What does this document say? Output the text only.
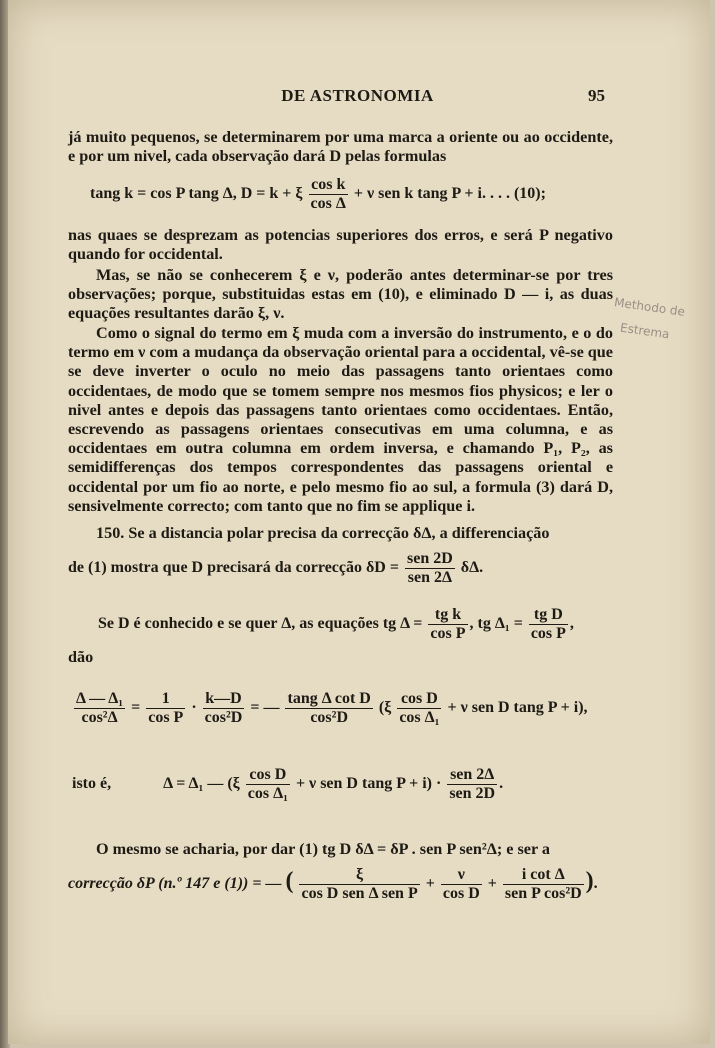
DE ASTRONOMIA	95
já muito pequenos, se determinarem por uma marca a oriente ou ao occidente, e por um nivel, cada observação dará D pelas formulas
tang k = cos P tang Δ, D = k + ξ $\frac{\text{cos k}}{\text{cos Δ}} + \nu$ sen k tang P + i. . . . (10);
nas quaes se desprezam as potencias superiores dos erros, e será P negativo quando for occidental.
Mas, se não se conhecerem ξ e ν, poderão antes determinar-se por tres observações; porque, substituidas estas em (10), e eliminado D — i, as duas equações resultantes darão ξ, ν.
Como o signal do termo em ξ muda com a inversão do instrumento, e o do termo em ν com a mudança da observação oriental para a occidental, vê-se que se deve inverter o oculo no meio das passagens tanto orientaes como occidentaes, de modo que se tomem sempre nos mesmos fios physicos; e ler o nivel antes e depois das passagens tanto orientaes como occidentaes. Então, escrevendo as passagens orientaes consecutivas em uma columna, e as occidentaes em outra columna em ordem inversa, e chamando P₁, P₂, as semidifferenças dos tempos correspondentes das passagens oriental e occidental por um fio ao norte, e pelo mesmo fio ao sul, a formula (3) dará D, sensivelmente correcto; com tanto que no fim se applique i.
150. Se a distancia polar precisa da correcção δΔ, a differenciação
de (1) mostra que D precisará da correcção $\delta D = \frac{\text{sen 2D}}{\text{sen 2Δ}} \delta\Delta$.
Se D é conhecido e se quer Δ, as equações tg $\Delta = \frac{\text{tg k}}{\text{cos P}}$ , tg $\Delta_1 = \frac{\text{tg D}}{\text{cos P}}$ ,
dão
$\frac{\text{Δ — Δ₁}}{\text{cos²Δ}} = \frac{1}{\text{cos P}} \cdot \frac{k—D}{\text{cos²D}}$ = — $\frac{\text{tang Δ cot D}}{\text{cos²D}} (\xi \frac{\text{cos D}}{\text{cos Δ₁}} + \nu$ sen D tang P + i),
isto é,	Δ = Δ₁ — ($\xi \frac{\text{cos D}}{\text{cos Δ₁}} + \nu$ sen D tang $P + i) \cdot \frac{\text{sen 2Δ}}{\text{sen 2D}}$ .
O mesmo se acharia, por dar (1) tg D δΔ = δP . sen P sen²Δ; e ser a
correcção δP (n.º 147 e (1)) = — ( $\frac{\xi}{\text{cos D sen Δ sen P}} + \frac{\nu}{\text{cos D}} + \frac{\text{i cot Δ}}{\text{sen P cos²D}}$ ).
Methodo de
Estrema
